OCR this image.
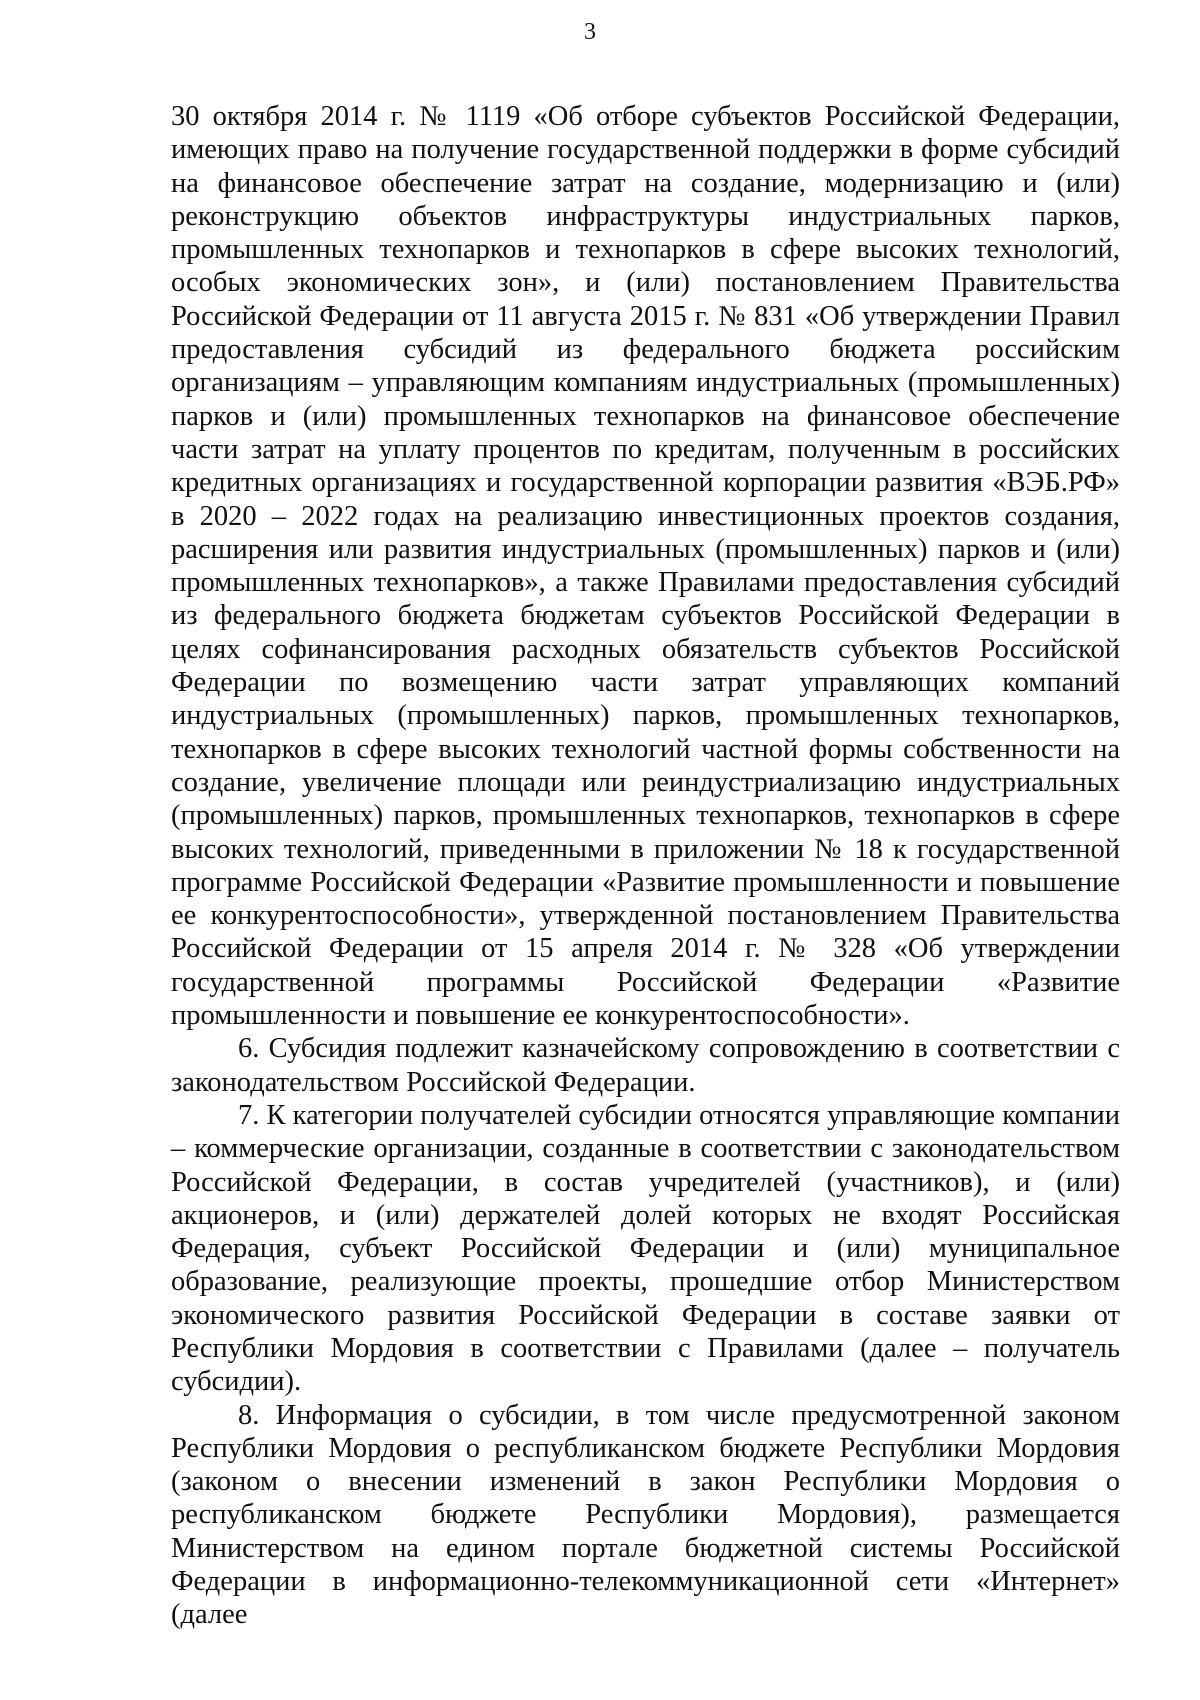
3

30 октября 2014 г. № 1119 «Об отборе субъектов Российской Федерации, имеющих право на получение государственной поддержки в форме субсидий на финансовое обеспечение затрат на создание, модернизацию и (или) реконструкцию объектов инфраструктуры индустриальных парков, промышленных технопарков и технопарков в сфере высоких технологий, особых экономических зон», и (или) постановлением Правительства Российской Федерации от 11 августа 2015 г. № 831 «Об утверждении Правил предоставления субсидий из федерального бюджета российским организациям – управляющим компаниям индустриальных (промышленных) парков и (или) промышленных технопарков на финансовое обеспечение части затрат на уплату процентов по кредитам, полученным в российских кредитных организациях и государственной корпорации развития «ВЭБ.РФ» в 2020 – 2022 годах на реализацию инвестиционных проектов создания, расширения или развития индустриальных (промышленных) парков и (или) промышленных технопарков», а также Правилами предоставления субсидий из федерального бюджета бюджетам субъектов Российской Федерации в целях софинансирования расходных обязательств субъектов Российской Федерации по возмещению части затрат управляющих компаний индустриальных (промышленных) парков, промышленных технопарков, технопарков в сфере высоких технологий частной формы собственности на создание, увеличение площади или реиндустриализацию индустриальных (промышленных) парков, промышленных технопарков, технопарков в сфере высоких технологий, приведенными в приложении № 18 к государственной программе Российской Федерации «Развитие промышленности и повышение ее конкурентоспособности», утвержденной постановлением Правительства Российской Федерации от 15 апреля 2014 г. № 328 «Об утверждении государственной программы Российской Федерации «Развитие промышленности и повышение ее конкурентоспособности».

6. Субсидия подлежит казначейскому сопровождению в соответствии с законодательством Российской Федерации.

7. К категории получателей субсидии относятся управляющие компании – коммерческие организации, созданные в соответствии с законодательством Российской Федерации, в состав учредителей (участников), и (или) акционеров, и (или) держателей долей которых не входят Российская Федерация, субъект Российской Федерации и (или) муниципальное образование, реализующие проекты, прошедшие отбор Министерством экономического развития Российской Федерации в составе заявки от Республики Мордовия в соответствии с Правилами (далее – получатель субсидии).

8. Информация о субсидии, в том числе предусмотренной законом Республики Мордовия о республиканском бюджете Республики Мордовия (законом о внесении изменений в закон Республики Мордовия о республиканском бюджете Республики Мордовия), размещается Министерством на едином портале бюджетной системы Российской Федерации в информационно-телекоммуникационной сети «Интернет» (далее
